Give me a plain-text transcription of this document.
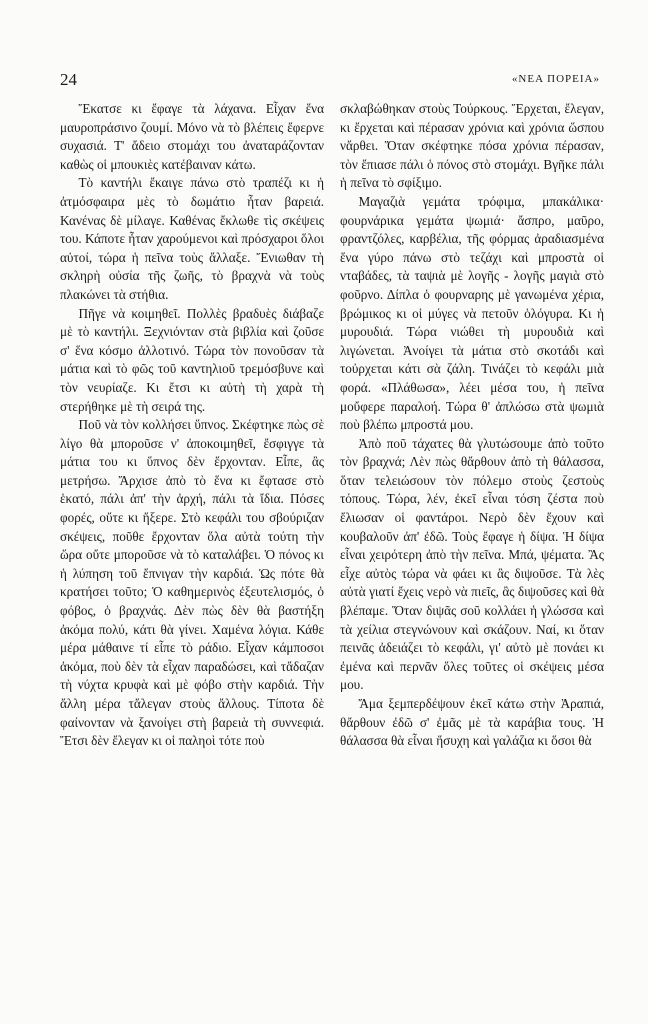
24	«ΝΕΑ ΠΟΡΕΙΑ»

Ἔκατσε κι ἔφαγε τὰ λάχανα. Εἶχαν ἕνα μαυροπράσινο ζουμί. Μόνο νὰ τὸ βλέπεις ἔφερνε συχασιά. Τ' ἄδειο στομάχι του ἀναταράζονταν καθὼς οἱ μπουκιὲς κατέβαιναν κάτω.

Τὸ καντήλι ἔκαιγε πάνω στὸ τραπέζι κι ἡ ἀτμόσφαιρα μὲς τὸ δωμάτιο ἦταν βαρειά. Κανένας δὲ μίλαγε. Καθένας ἔκλωθε τὶς σκέψεις του. Κάποτε ἦταν χαρούμενοι καὶ πρόσχαροι ὅλοι αὐτοί, τώρα ἡ πεῖνα τοὺς ἄλλαξε. Ἔνιωθαν τὴ σκληρὴ οὐσία τῆς ζωῆς, τὸ βραχνὰ νὰ τοὺς πλακώνει τὰ στήθια.

Πῆγε νὰ κοιμηθεῖ. Πολλὲς βραδυὲς διάβαζε μὲ τὸ καντήλι. Ξεχνιόνταν στὰ βιβλία καὶ ζοῦσε σ' ἕνα κόσμο ἀλλοτινό. Τώρα τὸν πονοῦσαν τὰ μάτια καὶ τὸ φῶς τοῦ καντηλιοῦ τρεμόσβυνε καὶ τὸν νευρίαζε. Κι ἔτσι κι αὐτὴ τὴ χαρὰ τὴ στερήθηκε μὲ τὴ σειρά της.

Ποῦ νὰ τὸν κολλήσει ὕπνος. Σκέφτηκε πὼς σὲ λίγο θὰ μποροῦσε ν' ἀποκοιμηθεῖ, ἔσφιγγε τὰ μάτια του κι ὕπνος δὲν ἔρχονταν. Εἶπε, ἂς μετρήσω. Ἄρχισε ἀπὸ τὸ ἕνα κι ἔφτασε στὸ ἑκατό, πάλι ἀπ' τὴν ἀρχή, πάλι τὰ ἴδια. Πόσες φορές, οὔτε κι ἤξερε. Στὸ κεφάλι του σβούριζαν σκέψεις, ποῦθε ἔρχονταν ὅλα αὐτὰ τούτη τὴν ὥρα οὔτε μποροῦσε νὰ τὸ καταλάβει. Ὁ πόνος κι ἡ λύπηση τοῦ ἔπνιγαν τὴν καρδιά. Ὡς πότε θὰ κρατήσει τοῦτο; Ὁ καθημερινὸς ἐξευτελισμός, ὁ φόβος, ὁ βραχνάς. Δὲν πὼς δὲν θὰ βαστήξη ἀκόμα πολύ, κάτι θὰ γίνει. Χαμένα λόγια. Κάθε μέρα μάθαινε τί εἶπε τὸ ράδιο. Εἶχαν κάμποσοι ἀκόμα, ποὺ δὲν τὰ εἶχαν παραδώσει, καὶ τἄδαζαν τὴ νύχτα κρυφὰ καὶ μὲ φόβο στὴν καρδιά. Τὴν ἄλλη μέρα τἄλεγαν στοὺς ἄλλους. Τίποτα δὲ φαίνονταν νὰ ξανοίγει στὴ βαρειὰ τὴ συννεφιά. Ἔτσι δὲν ἔλεγαν κι οἱ παληοὶ τότε ποὺ

σκλαβώθηκαν στοὺς Τούρκους. Ἔρχεται, ἔλεγαν, κι ἔρχεται καὶ πέρασαν χρόνια καὶ χρόνια ὥσπου νἄρθει. Ὅταν σκέφτηκε πόσα χρόνια πέρασαν, τὸν ἔπιασε πάλι ὁ πόνος στὸ στομάχι. Βγῆκε πάλι ἡ πεῖνα τὸ σφίξιμο.

Μαγαζιὰ γεμάτα τρόφιμα, μπακάλικα· φουρνάρικα γεμάτα ψωμιά· ἄσπρο, μαῦρο, φραντζόλες, καρβέλια, τῆς φόρμας ἀραδιασμένα ἕνα γύρο πάνω στὸ τεζάχι καὶ μπροστὰ οἱ νταβάδες, τὰ ταψιὰ μὲ λογῆς - λογῆς μαγιὰ στὸ φοῦρνο. Δίπλα ὁ φουρναρης μὲ γανωμένα χέρια, βρώμικος κι οἱ μύγες νὰ πετοῦν ὁλόγυρα. Κι ἡ μυρουδιά. Τώρα νιώθει τὴ μυρουδιὰ καὶ λιγώνεται. Ἀνοίγει τὰ μάτια στὸ σκοτάδι καὶ τοὐρχεται κάτι σὰ ζάλη. Τινάζει τὸ κεφάλι μιὰ φορά. «Πλάθωσα», λέει μέσα του, ἡ πεῖνα μοὔφερε παραλοή. Τώρα θ' ἀπλώσω στὰ ψωμιὰ ποὺ βλέπω μπροστά μου.

Ἀπὸ ποῦ τάχατες θὰ γλυτώσουμε ἀπὸ τοῦτο τὸν βραχνά; Λὲν πὼς θἄρθουν ἀπὸ τὴ θάλασσα, ὅταν τελειώσουν τὸν πόλεμο στοὺς ζεστοὺς τόπους. Τώρα, λέν, ἐκεῖ εἶναι τόση ζέστα ποὺ ἔλιωσαν οἱ φαντάροι. Νερὸ δὲν ἔχουν καὶ κουβαλοῦν ἀπ' ἐδῶ. Τοὺς ἔφαγε ἡ δίψα. Ἡ δίψα εἶναι χειρότερη ἀπὸ τὴν πεῖνα. Μπά, ψέματα. Ἂς εἶχε αὐτὸς τώρα νὰ φάει κι ἂς διψοῦσε. Τὰ λὲς αὐτὰ γιατί ἔχεις νερὸ νὰ πιεῖς, ἂς διψοῦσες καὶ θὰ βλέπαμε. Ὅταν διψᾶς σοῦ κολλάει ἡ γλώσσα καὶ τὰ χείλια στεγνώνουν καὶ σκάζουν. Ναί, κι ὅταν πεινᾶς ἀδειάζει τὸ κεφάλι, γι' αὐτὸ μὲ πονάει κι ἐμένα καὶ περνᾶν ὅλες τοῦτες οἱ σκέψεις μέσα μου.

Ἄμα ξεμπερδέψουν ἐκεῖ κάτω στὴν Ἀραπιά, θἄρθουν ἐδῶ σ' ἐμᾶς μὲ τὰ καράβια τους. Ἡ θάλασσα θὰ εἶναι ἥσυχη καὶ γαλάζια κι ὅσοι θὰ
